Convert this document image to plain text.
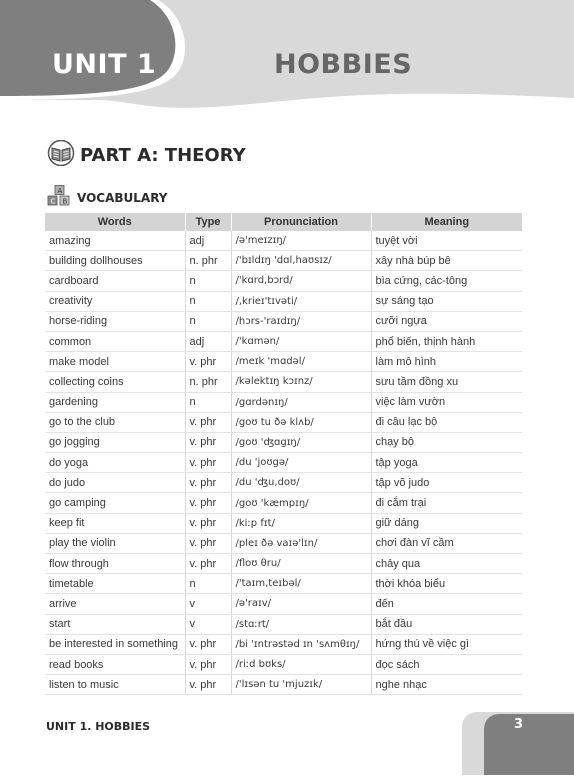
UNIT 1	HOBBIES
PART A: THEORY
A
C B VOCABULARY
Words	Type	Pronunciation	Meaning
amazing	adj	/ə'meɪzɪŋ/	tuyệt vời
building dollhouses	n. phr	/'bɪldɪŋ 'dɑl,haʊsɪz/	xây nhà búp bê
cardboard	n	/'kɑrd,bɔrd/	bìa cứng, các-tông
creativity	n	/,krieɪ'tɪvəti/	sự sáng tạo
horse-riding	n	/hɔrs-'raɪdɪŋ/	cưỡi ngựa
common	adj	/'kɑmən/	phổ biến, thịnh hành
make model	v. phr	/meɪk 'mɑdəl/	làm mô hình
collecting coins	n. phr	/kəlektɪŋ kɔɪnz/	sưu tầm đồng xu
gardening	n	/gɑrdənɪŋ/	việc làm vườn
go to the club	v. phr	/goʊ tu ðə klʌb/	đi câu lạc bộ
go jogging	v. phr	/goʊ 'ʤɑgɪŋ/	chạy bộ
do yoga	v. phr	/du 'joʊgə/	tập yoga
do judo	v. phr	/du 'ʤu,doʊ/	tập võ judo
go camping	v. phr	/goʊ 'kæmpɪŋ/	đi cắm trại
keep fit	v. phr	/kiːp fɪt/	giữ dáng
play the violin	v. phr	/pleɪ ðə vaɪə'lɪn/	chơi đàn vĩ cầm
flow through	v. phr	/floʊ θru/	chảy qua
timetable	n	/'taɪm,teɪbəl/	thời khóa biểu
arrive	v	/ə'raɪv/	đến
start	v	/stɑːrt/	bắt đầu
be interested in something	v. phr	/bi 'ɪntrəstəd ɪn 'sʌmθɪŋ/	hứng thú về việc gì
read books	v. phr	/riːd bʊks/	đọc sách
listen to music	v. phr	/'lɪsən tu 'mjuzɪk/	nghe nhạc
UNIT 1. HOBBIES	3
